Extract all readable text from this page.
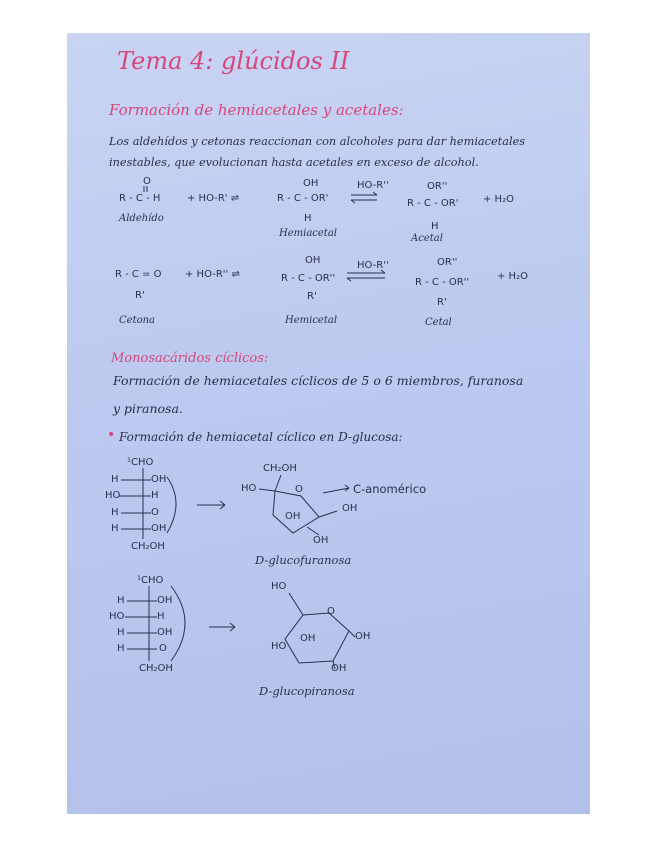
Tema 4: glúcidos II
Formación de hemiacetales y acetales:
Los aldehídos y cetonas reaccionan con alcoholes para dar hemiacetales
inestables, que evolucionan hasta acetales en exceso de alcohol.
O
R - C - H
Aldehído
+ HO-R' ⇌
OH
R - C - OR'
H
Hemiacetal
HO-R''	OR''
R - C - OR'
H
Acetal
+ H₂O
R - C = O
R'
Cetona
+ HO-R'' ⇌
OH
R - C - OR''
R'
Hemicetal
HO-R''	OR''
R - C - OR''
R'
Cetal
+ H₂O
Monosacáridos cíclicos:
Formación de hemiacetales cíclicos de 5 o 6 miembros, furanosa
y piranosa.
• Formación de hemiacetal cíclico en D-glucosa:
¹CHO
H	OH
HO	H
H	O
H	OH
CH₂OH
CH₂OH
HO	O
OH
OH
OH
C-anomérico
D-glucofuranosa
¹CHO
H	OH
HO	H
H	OH
H	O
CH₂OH
HO
O
OH
OH
HO
OH
D-glucopiranosa
